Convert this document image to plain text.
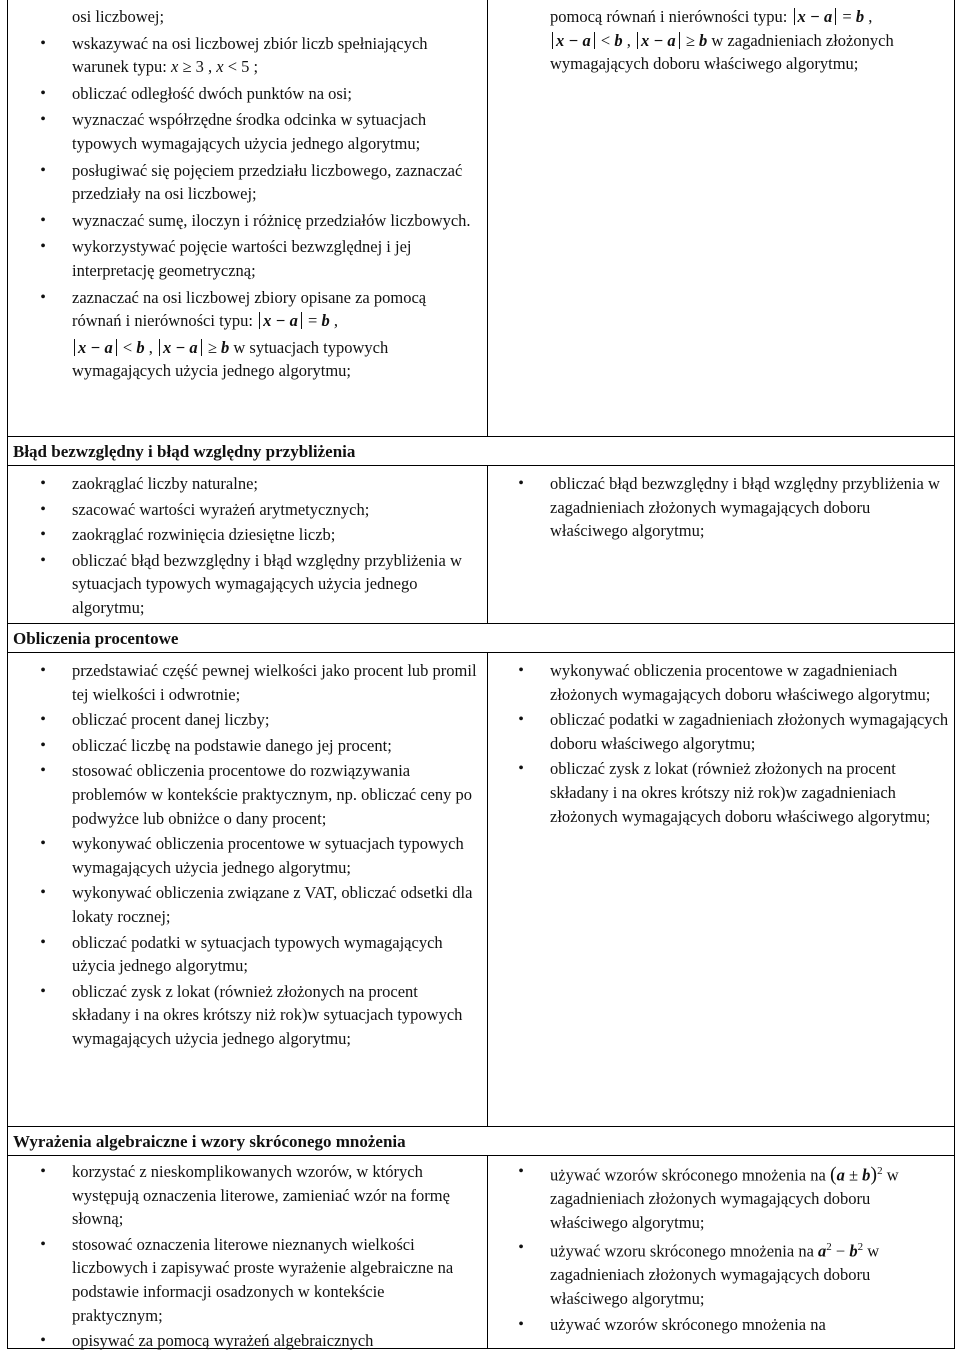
osi liczbowej;
• wskazywać na osi liczbowej zbiór liczb spełniających warunek typu: x ≥ 3 , x < 5 ;
• obliczać odległość dwóch punktów na osi;
• wyznaczać współrzędne środka odcinka w sytuacjach typowych wymagających użycia jednego algorytmu;
• posługiwać się pojęciem przedziału liczbowego, zaznaczać przedziały na osi liczbowej;
• wyznaczać sumę, iloczyn i różnicę przedziałów liczbowych.
• wykorzystywać pojęcie wartości bezwzględnej i jej interpretację geometryczną;
• zaznaczać na osi liczbowej zbiory opisane za pomocą równań i nierówności typu: x − a = b ,
x − a < b , x − a ≥ b w sytuacjach typowych
wymagających użycia jednego algorytmu;
pomocą równań i nierówności typu: x − a = b ,
x − a < b , x − a ≥ b w zagadnieniach złożonych
wymagających doboru właściwego algorytmu;
Błąd bezwzględny i błąd względny przybliżenia
• zaokrąglać liczby naturalne;
• szacować wartości wyrażeń arytmetycznych;
• zaokrąglać rozwinięcia dziesiętne liczb;
• obliczać błąd bezwzględny i błąd względny przybliżenia w sytuacjach typowych wymagających użycia jednego algorytmu;
• obliczać błąd bezwzględny i błąd względny przybliżenia w zagadnieniach złożonych wymagających doboru właściwego algorytmu;
Obliczenia procentowe
• przedstawiać część pewnej wielkości jako procent lub promil tej wielkości i odwrotnie;
• obliczać procent danej liczby;
• obliczać liczbę na podstawie danego jej procent;
• stosować obliczenia procentowe do rozwiązywania problemów w kontekście praktycznym, np. obliczać ceny po podwyżce lub obniżce o dany procent;
• wykonywać obliczenia procentowe w sytuacjach typowych wymagających użycia jednego algorytmu;
• wykonywać obliczenia związane z VAT, obliczać odsetki dla lokaty rocznej;
• obliczać podatki w sytuacjach typowych wymagających użycia jednego algorytmu;
• obliczać zysk z lokat (również złożonych na procent składany i na okres krótszy niż rok)w sytuacjach typowych wymagających użycia jednego algorytmu;
• wykonywać obliczenia procentowe w zagadnieniach złożonych wymagających doboru właściwego algorytmu;
• obliczać podatki w zagadnieniach złożonych wymagających doboru właściwego algorytmu;
• obliczać zysk z lokat (również złożonych na procent składany i na okres krótszy niż rok)w zagadnieniach złożonych wymagających doboru właściwego algorytmu;
Wyrażenia algebraiczne i wzory skróconego mnożenia
• korzystać z nieskomplikowanych wzorów, w których występują oznaczenia literowe, zamieniać wzór na formę słowną;
• stosować oznaczenia literowe nieznanych wielkości liczbowych i zapisywać proste wyrażenie algebraiczne na podstawie informacji osadzonych w kontekście praktycznym;
• opisywać za pomocą wyrażeń algebraicznych
• używać wzorów skróconego mnożenia na $(a \pm b)^2$ w zagadnieniach złożonych wymagających doboru właściwego algorytmu;
• używać wzoru skróconego mnożenia na $a^2 - b^2$ w zagadnieniach złożonych wymagających doboru właściwego algorytmu;
• używać wzorów skróconego mnożenia na
